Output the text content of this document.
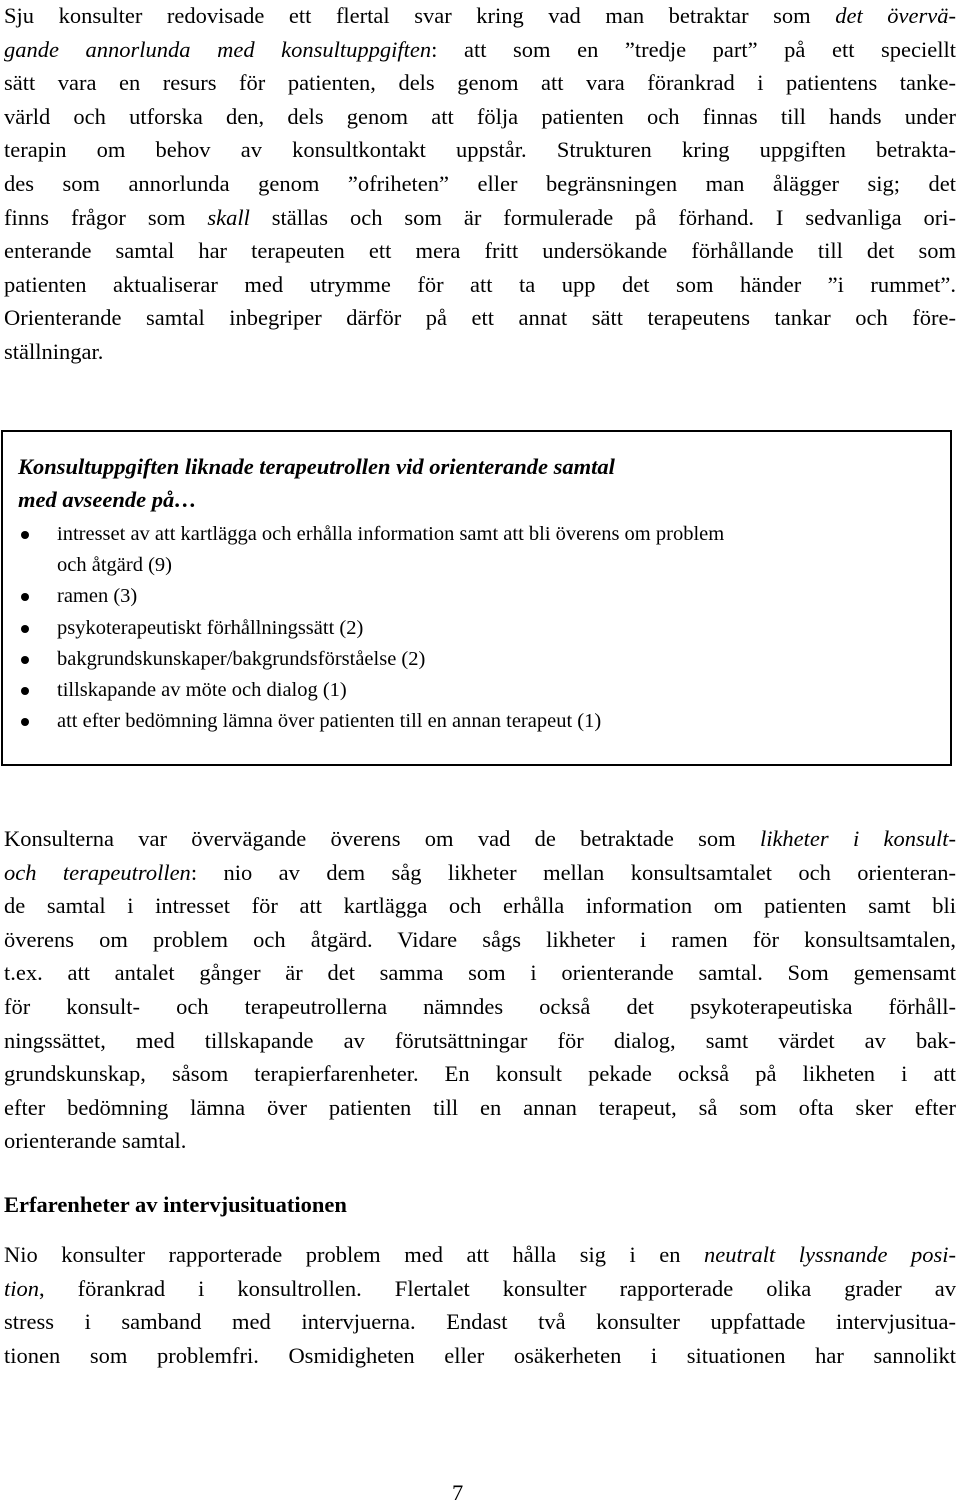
Sju konsulter redovisade ett flertal svar kring vad man betraktar som det övervä-
gande annorlunda med konsultuppgiften: att som en ”tredje part” på ett speciellt
sätt vara en resurs för patienten, dels genom att vara förankrad i patientens tanke-
värld och utforska den, dels genom att följa patienten och finnas till hands under
terapin om behov av konsultkontakt uppstår. Strukturen kring uppgiften betrakta-
des som annorlunda genom ”ofriheten” eller begränsningen man ålägger sig; det
finns frågor som skall ställas och som är formulerade på förhand. I sedvanliga ori-
enterande samtal har terapeuten ett mera fritt undersökande förhållande till det som
patienten aktualiserar med utrymme för att ta upp det som händer ”i rummet”.
Orienterande samtal inbegriper därför på ett annat sätt terapeutens tankar och före-
ställningar.

Konsultuppgiften liknade terapeutrollen vid orienterande samtal
med avseende på…
intresset av att kartlägga och erhålla information samt att bli överens om problem
och åtgärd (9)
ramen (3)
psykoterapeutiskt förhållningssätt (2)
bakgrundskunskaper/bakgrundsförståelse (2)
tillskapande av möte och dialog (1)
att efter bedömning lämna över patienten till en annan terapeut (1)

Konsulterna var övervägande överens om vad de betraktade som likheter i konsult-
och terapeutrollen: nio av dem såg likheter mellan konsultsamtalet och orienteran-
de samtal i intresset för att kartlägga och erhålla information om patienten samt bli
överens om problem och åtgärd. Vidare sågs likheter i ramen för konsultsamtalen,
t.ex. att antalet gånger är det samma som i orienterande samtal. Som gemensamt
för konsult- och terapeutrollerna nämndes också det psykoterapeutiska förhåll-
ningssättet, med tillskapande av förutsättningar för dialog, samt värdet av bak-
grundskunskap, såsom terapierfarenheter. En konsult pekade också på likheten i att
efter bedömning lämna över patienten till en annan terapeut, så som ofta sker efter
orienterande samtal.

Erfarenheter av intervjusituationen

Nio konsulter rapporterade problem med att hålla sig i en neutralt lyssnande posi-
tion, förankrad i konsultrollen. Flertalet konsulter rapporterade olika grader av
stress i samband med intervjuerna. Endast två konsulter uppfattade intervjusitua-
tionen som problemfri. Osmidigheten eller osäkerheten i situationen har sannolikt

7
